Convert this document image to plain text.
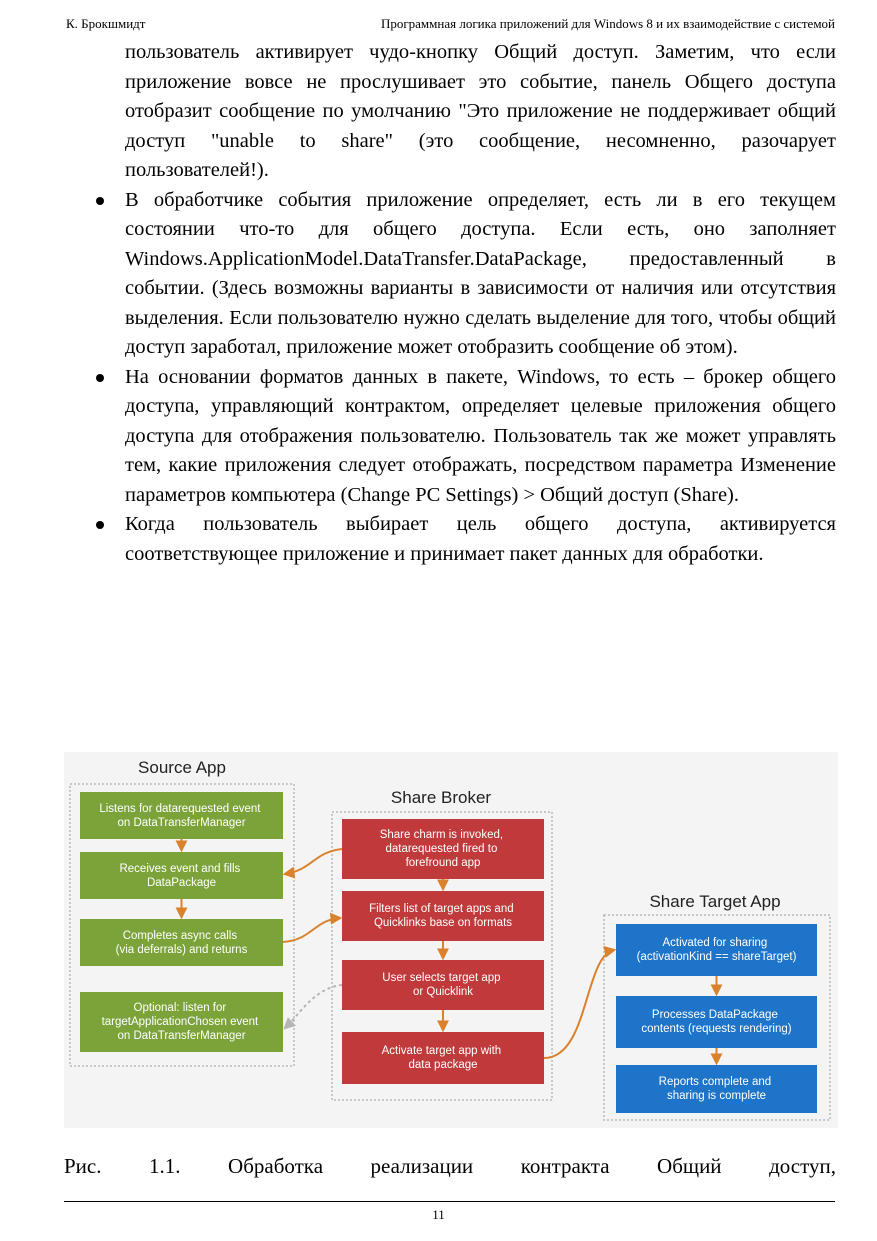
К. Брокшмидт	Программная логика приложений для Windows 8 и их взаимодействие с системой

пользователь активирует чудо-кнопку Общий доступ. Заметим, что если приложение вовсе не прослушивает это событие, панель Общего доступа отобразит сообщение по умолчанию "Это приложение не поддерживает общий доступ "unable to share" (это сообщение, несомненно, разочарует пользователей!).

В обработчике события приложение определяет, есть ли в его текущем состоянии что-то для общего доступа. Если есть, оно заполняет Windows.ApplicationModel.DataTransfer.DataPackage, предоставленный в событии. (Здесь возможны варианты в зависимости от наличия или отсутствия выделения. Если пользователю нужно сделать выделение для того, чтобы общий доступ заработал, приложение может отобразить сообщение об этом).
На основании форматов данных в пакете, Windows, то есть – брокер общего доступа, управляющий контрактом, определяет целевые приложения общего доступа для отображения пользователю. Пользователь так же может управлять тем, какие приложения следует отображать, посредством параметра Изменение параметров компьютера (Change PC Settings) > Общий доступ (Share).
Когда пользователь выбирает цель общего доступа, активируется соответствующее приложение и принимает пакет данных для обработки.
Source App
Share Broker
Share Target App
Listens for datarequested event on DataTransferManager
Receives event and fills DataPackage
Completes async calls (via deferrals) and returns
Optional: listen for targetApplicationChosen event on DataTransferManager
Share charm is invoked, datarequested fired to forefround app
Filters list of target apps and Quicklinks base on formats
User selects target app or Quicklink
Activate target app with data package
Activated for sharing (activationKind == shareTarget)
Processes DataPackage contents (requests rendering)
Reports complete and sharing is complete
Рис. 1.1. Обработка реализации контракта Общий доступ,
11
